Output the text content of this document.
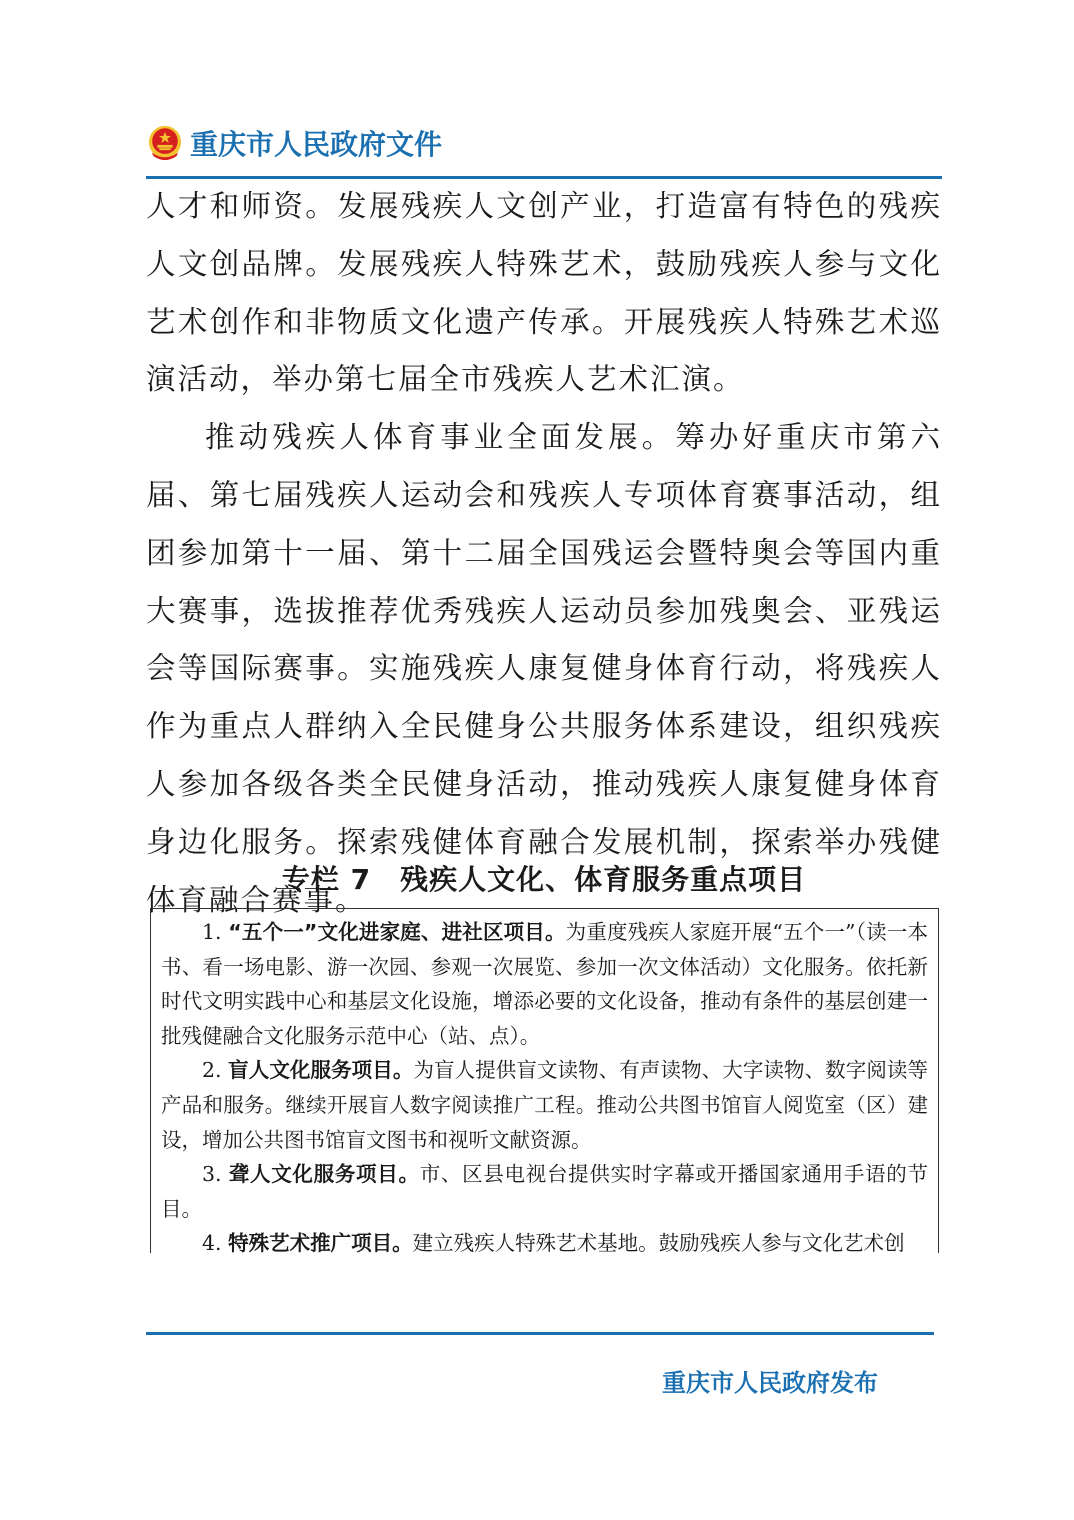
重庆市人民政府文件

人才和师资。发展残疾人文创产业，打造富有特色的残疾人文创品牌。发展残疾人特殊艺术，鼓励残疾人参与文化艺术创作和非物质文化遗产传承。开展残疾人特殊艺术巡演活动，举办第七届全市残疾人艺术汇演。

推动残疾人体育事业全面发展。筹办好重庆市第六届、第七届残疾人运动会和残疾人专项体育赛事活动，组团参加第十一届、第十二届全国残运会暨特奥会等国内重大赛事，选拔推荐优秀残疾人运动员参加残奥会、亚残运会等国际赛事。实施残疾人康复健身体育行动，将残疾人作为重点人群纳入全民健身公共服务体系建设，组织残疾人参加各级各类全民健身活动，推动残疾人康复健身体育身边化服务。探索残健体育融合发展机制，探索举办残健体育融合赛事。

专栏 7　残疾人文化、体育服务重点项目

1. “五个一”文化进家庭、进社区项目。为重度残疾人家庭开展“五个一”（读一本书、看一场电影、游一次园、参观一次展览、参加一次文体活动）文化服务。依托新时代文明实践中心和基层文化设施，增添必要的文化设备，推动有条件的基层创建一批残健融合文化服务示范中心（站、点）。

2. 盲人文化服务项目。为盲人提供盲文读物、有声读物、大字读物、数字阅读等产品和服务。继续开展盲人数字阅读推广工程。推动公共图书馆盲人阅览室（区）建设，增加公共图书馆盲文图书和视听文献资源。

3. 聋人文化服务项目。市、区县电视台提供实时字幕或开播国家通用手语的节目。

4. 特殊艺术推广项目。建立残疾人特殊艺术基地。鼓励残疾人参与文化艺术创

重庆市人民政府发布
